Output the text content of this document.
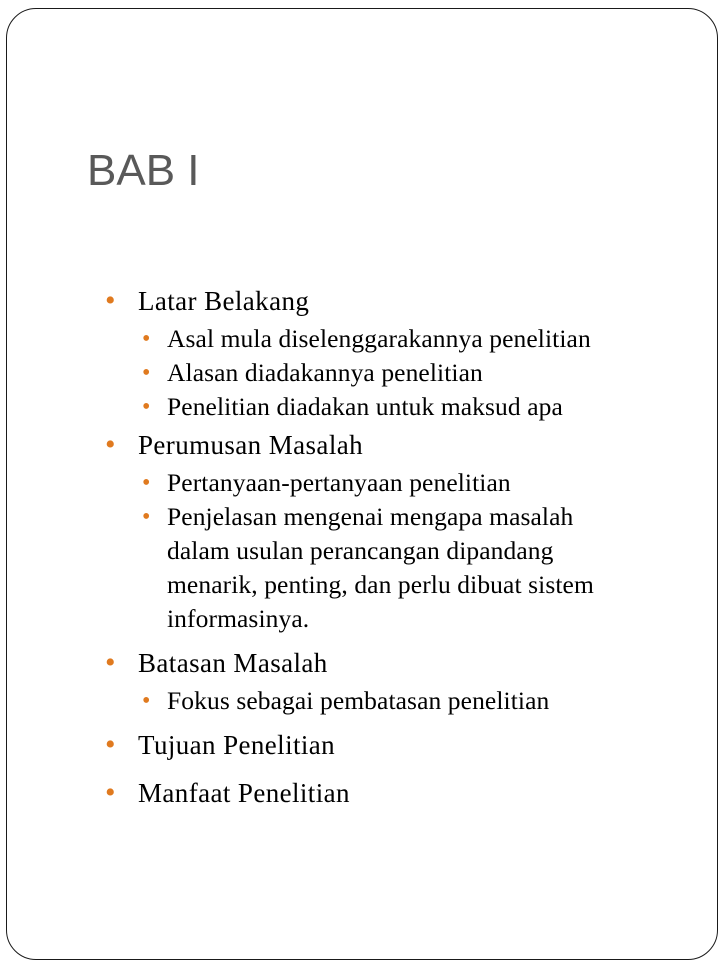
BAB I
• Latar Belakang
• Asal mula diselenggarakannya penelitian
• Alasan diadakannya penelitian
• Penelitian diadakan untuk maksud apa
• Perumusan Masalah
• Pertanyaan-pertanyaan penelitian
• Penjelasan mengenai mengapa masalah
dalam usulan perancangan dipandang
menarik, penting, dan perlu dibuat sistem
informasinya.
• Batasan Masalah
• Fokus sebagai pembatasan penelitian
• Tujuan Penelitian
• Manfaat Penelitian
